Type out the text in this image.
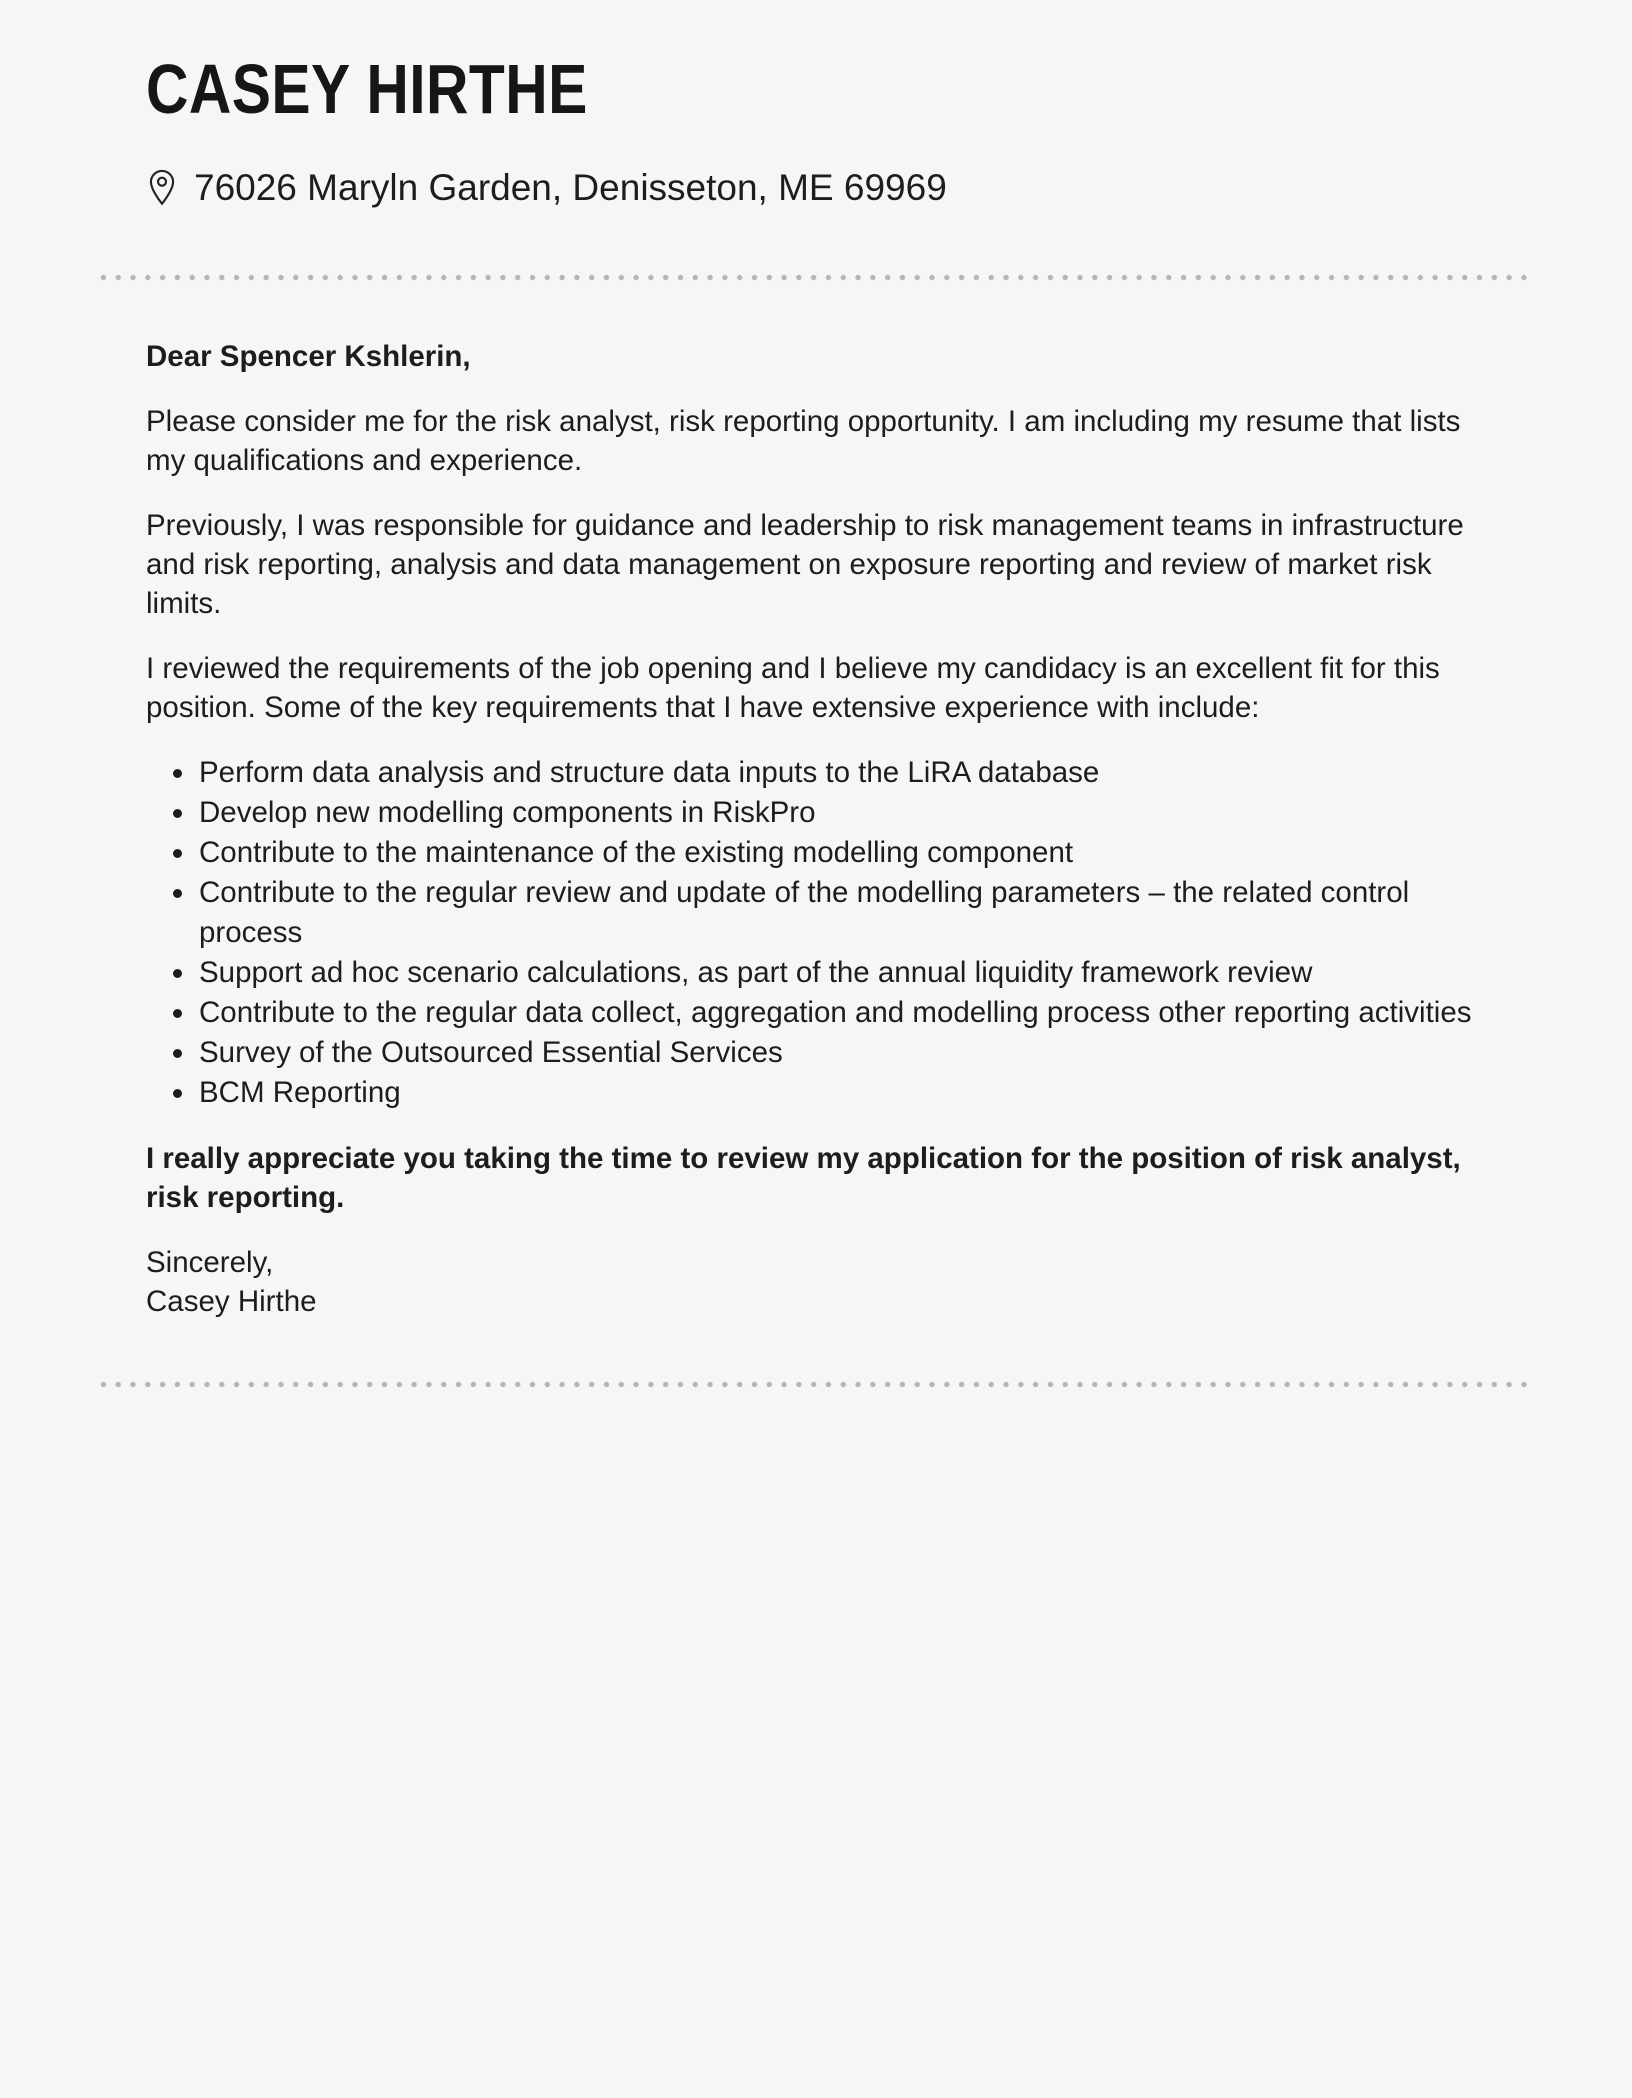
CASEY HIRTHE
76026 Maryln Garden, Denisseton, ME 69969

Dear Spencer Kshlerin,

Please consider me for the risk analyst, risk reporting opportunity. I am including my resume that lists my qualifications and experience.

Previously, I was responsible for guidance and leadership to risk management teams in infrastructure and risk reporting, analysis and data management on exposure reporting and review of market risk limits.

I reviewed the requirements of the job opening and I believe my candidacy is an excellent fit for this position. Some of the key requirements that I have extensive experience with include:

• Perform data analysis and structure data inputs to the LiRA database
• Develop new modelling components in RiskPro
• Contribute to the maintenance of the existing modelling component
• Contribute to the regular review and update of the modelling parameters – the related control process
• Support ad hoc scenario calculations, as part of the annual liquidity framework review
• Contribute to the regular data collect, aggregation and modelling process other reporting activities
• Survey of the Outsourced Essential Services
• BCM Reporting

I really appreciate you taking the time to review my application for the position of risk analyst, risk reporting.

Sincerely,
Casey Hirthe
